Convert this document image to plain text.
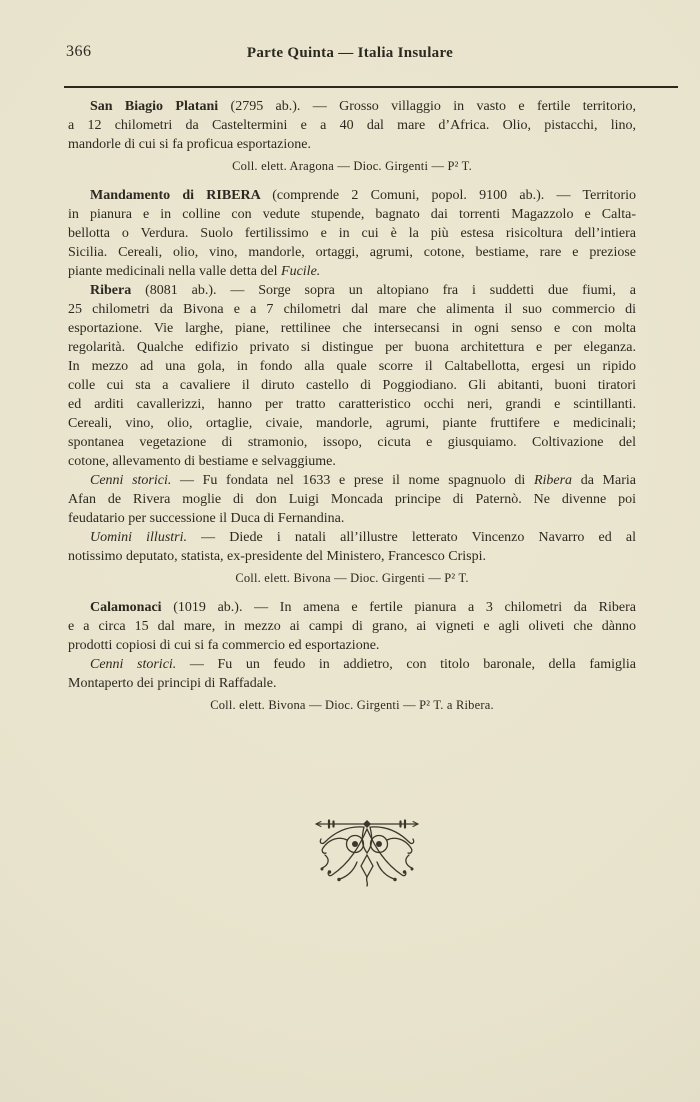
366	Parte Quinta — Italia Insulare
San Biagio Platani (2795 ab.). — Grosso villaggio in vasto e fertile territorio,
a 12 chilometri da Casteltermini e a 40 dal mare d’Africa. Olio, pistacchi, lino,
mandorle di cui si fa proficua esportazione.
Coll. elett. Aragona — Dioc. Girgenti — P² T.
Mandamento di RIBERA (comprende 2 Comuni, popol. 9100 ab.). — Territorio
in pianura e in colline con vedute stupende, bagnato dai torrenti Magazzolo e Calta-
bellotta o Verdura. Suolo fertilissimo e in cui è la più estesa risicoltura dell’intiera
Sicilia. Cereali, olio, vino, mandorle, ortaggi, agrumi, cotone, bestiame, rare e preziose
piante medicinali nella valle detta del Fucile.
Ribera (8081 ab.). — Sorge sopra un altopiano fra i suddetti due fiumi, a
25 chilometri da Bivona e a 7 chilometri dal mare che alimenta il suo commercio di
esportazione. Vie larghe, piane, rettilinee che intersecansi in ogni senso e con molta
regolarità. Qualche edifizio privato si distingue per buona architettura e per eleganza.
In mezzo ad una gola, in fondo alla quale scorre il Caltabellotta, ergesi un ripido
colle cui sta a cavaliere il diruto castello di Poggiodiano. Gli abitanti, buoni tiratori
ed arditi cavallerizzi, hanno per tratto caratteristico occhi neri, grandi e scintillanti.
Cereali, vino, olio, ortaglie, civaie, mandorle, agrumi, piante fruttifere e medicinali;
spontanea vegetazione di stramonio, issopo, cicuta e giusquiamo. Coltivazione del
cotone, allevamento di bestiame e selvaggiume.
Cenni storici. — Fu fondata nel 1633 e prese il nome spagnuolo di Ribera da Maria
Afan de Rivera moglie di don Luigi Moncada principe di Paternò. Ne divenne poi
feudatario per successione il Duca di Fernandina.
Uomini illustri. — Diede i natali all’illustre letterato Vincenzo Navarro ed al
notissimo deputato, statista, ex-presidente del Ministero, Francesco Crispi.
Coll. elett. Bivona — Dioc. Girgenti — P² T.
Calamonaci (1019 ab.). — In amena e fertile pianura a 3 chilometri da Ribera
e a circa 15 dal mare, in mezzo ai campi di grano, ai vigneti e agli oliveti che dànno
prodotti copiosi di cui si fa commercio ed esportazione.
Cenni storici. — Fu un feudo in addietro, con titolo baronale, della famiglia
Montaperto dei principi di Raffadale.
Coll. elett. Bivona — Dioc. Girgenti — P² T. a Ribera.
